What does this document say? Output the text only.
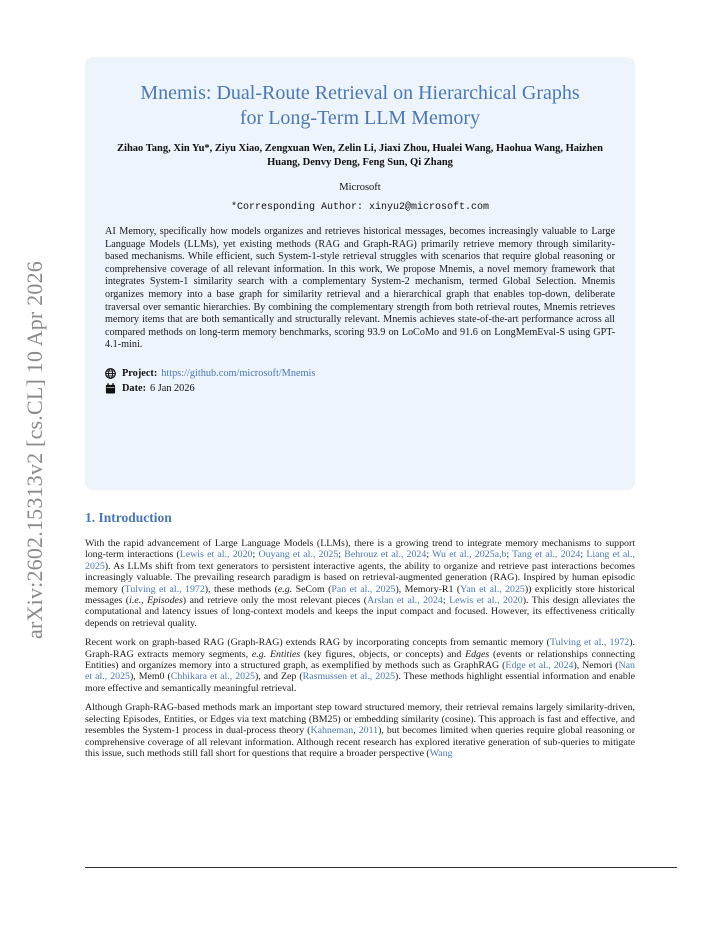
arXiv:2602.15313v2 [cs.CL] 10 Apr 2026
Mnemis: Dual-Route Retrieval on Hierarchical Graphs
for Long-Term LLM Memory
Zihao Tang, Xin Yu*, Ziyu Xiao, Zengxuan Wen, Zelin Li, Jiaxi Zhou, Hualei Wang, Haohua Wang, Haizhen Huang, Denvy Deng, Feng Sun, Qi Zhang
Microsoft
*Corresponding Author: xinyu2@microsoft.com
AI Memory, specifically how models organizes and retrieves historical messages, becomes increasingly valuable to Large Language Models (LLMs), yet existing methods (RAG and Graph-RAG) primarily retrieve memory through similarity-based mechanisms. While efficient, such System-1-style retrieval struggles with scenarios that require global reasoning or comprehensive coverage of all relevant information. In this work, We propose Mnemis, a novel memory framework that integrates System-1 similarity search with a complementary System-2 mechanism, termed Global Selection. Mnemis organizes memory into a base graph for similarity retrieval and a hierarchical graph that enables top-down, deliberate traversal over semantic hierarchies. By combining the complementary strength from both retrieval routes, Mnemis retrieves memory items that are both semantically and structurally relevant. Mnemis achieves state-of-the-art performance across all compared methods on long-term memory benchmarks, scoring 93.9 on LoCoMo and 91.6 on LongMemEval-S using GPT-4.1-mini.
Project: https://github.com/microsoft/Mnemis
Date: 6 Jan 2026
1. Introduction

With the rapid advancement of Large Language Models (LLMs), there is a growing trend to integrate memory mechanisms to support long-term interactions (Lewis et al., 2020; Ouyang et al., 2025; Behrouz et al., 2024; Wu et al., 2025a,b; Tang et al., 2024; Liang et al., 2025). As LLMs shift from text generators to persistent interactive agents, the ability to organize and retrieve past interactions becomes increasingly valuable. The prevailing research paradigm is based on retrieval-augmented generation (RAG). Inspired by human episodic memory (Tulving et al., 1972), these methods (e.g. SeCom (Pan et al., 2025), Memory-R1 (Yan et al., 2025)) explicitly store historical messages (i.e., Episodes) and retrieve only the most relevant pieces (Arslan et al., 2024; Lewis et al., 2020). This design alleviates the computational and latency issues of long-context models and keeps the input compact and focused. However, its effectiveness critically depends on retrieval quality.

Recent work on graph-based RAG (Graph-RAG) extends RAG by incorporating concepts from semantic memory (Tulving et al., 1972). Graph-RAG extracts memory segments, e.g. Entities (key figures, objects, or concepts) and Edges (events or relationships connecting Entities) and organizes memory into a structured graph, as exemplified by methods such as GraphRAG (Edge et al., 2024), Nemori (Nan et al., 2025), Mem0 (Chhikara et al., 2025), and Zep (Rasmussen et al., 2025). These methods highlight essential information and enable more effective and semantically meaningful retrieval.

Although Graph-RAG-based methods mark an important step toward structured memory, their retrieval remains largely similarity-driven, selecting Episodes, Entities, or Edges via text matching (BM25) or embedding similarity (cosine). This approach is fast and effective, and resembles the System-1 process in dual-process theory (Kahneman, 2011), but becomes limited when queries require global reasoning or comprehensive coverage of all relevant information. Although recent research has explored iterative generation of sub-queries to mitigate this issue, such methods still fall short for questions that require a broader perspective (Wang
